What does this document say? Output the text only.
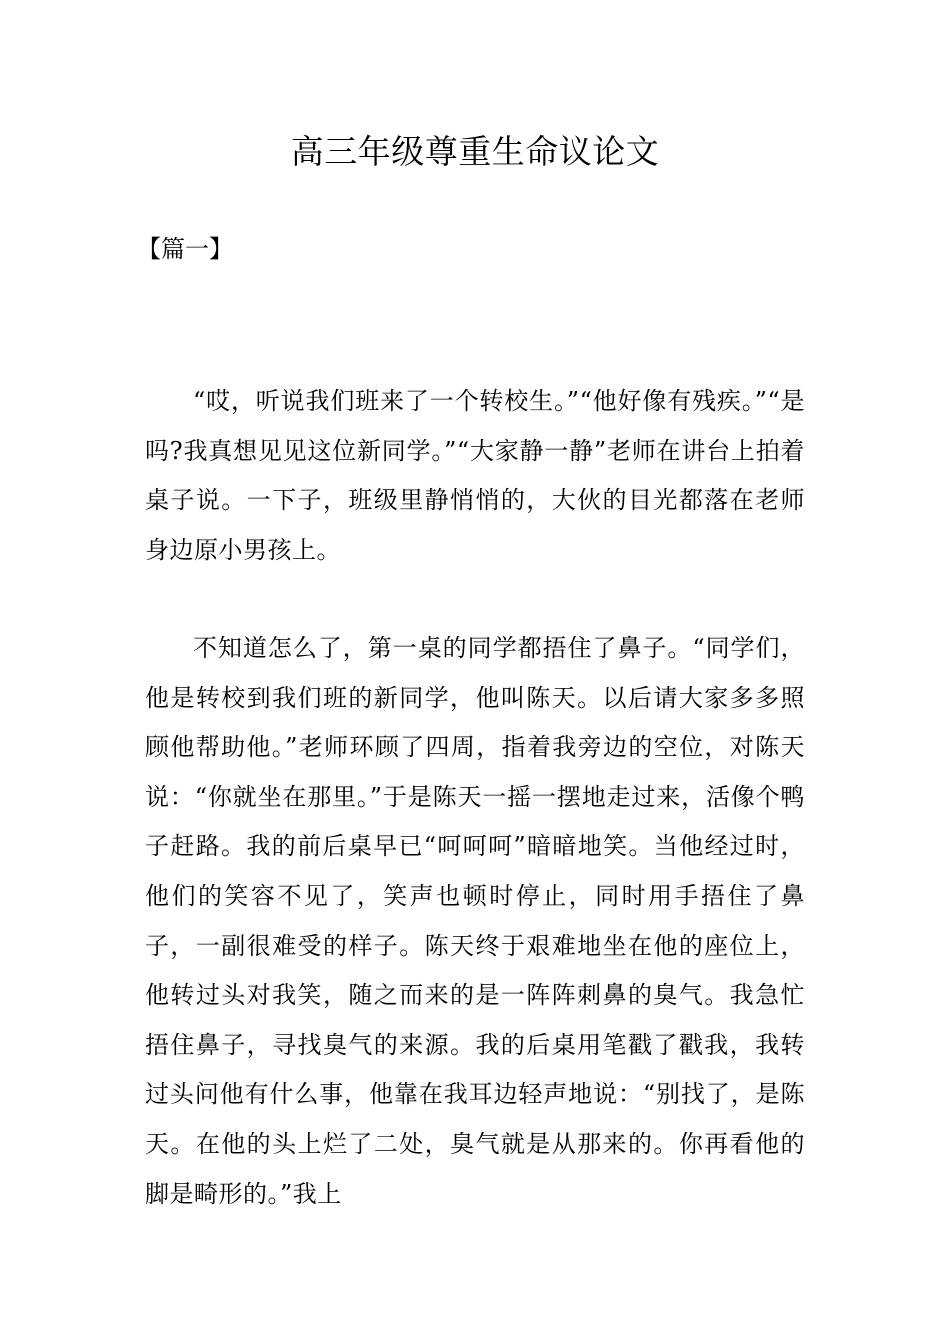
高三年级尊重生命议论文

【篇一】

“哎，听说我们班来了一个转校生。”“他好像有残疾。”“是吗?我真想见见这位新同学。”“大家静一静”老师在讲台上拍着桌子说。一下子，班级里静悄悄的，大伙的目光都落在老师身边原小男孩上。

不知道怎么了，第一桌的同学都捂住了鼻子。“同学们，他是转校到我们班的新同学，他叫陈天。以后请大家多多照顾他帮助他。”老师环顾了四周，指着我旁边的空位，对陈天说：“你就坐在那里。”于是陈天一摇一摆地走过来，活像个鸭子赶路。我的前后桌早已“呵呵呵”暗暗地笑。当他经过时，他们的笑容不见了，笑声也顿时停止，同时用手捂住了鼻子，一副很难受的样子。陈天终于艰难地坐在他的座位上，他转过头对我笑，随之而来的是一阵阵刺鼻的臭气。我急忙捂住鼻子，寻找臭气的来源。我的后桌用笔戳了戳我，我转过头问他有什么事，他靠在我耳边轻声地说：“别找了，是陈天。在他的头上烂了二处，臭气就是从那来的。你再看他的脚是畸形的。”我上
